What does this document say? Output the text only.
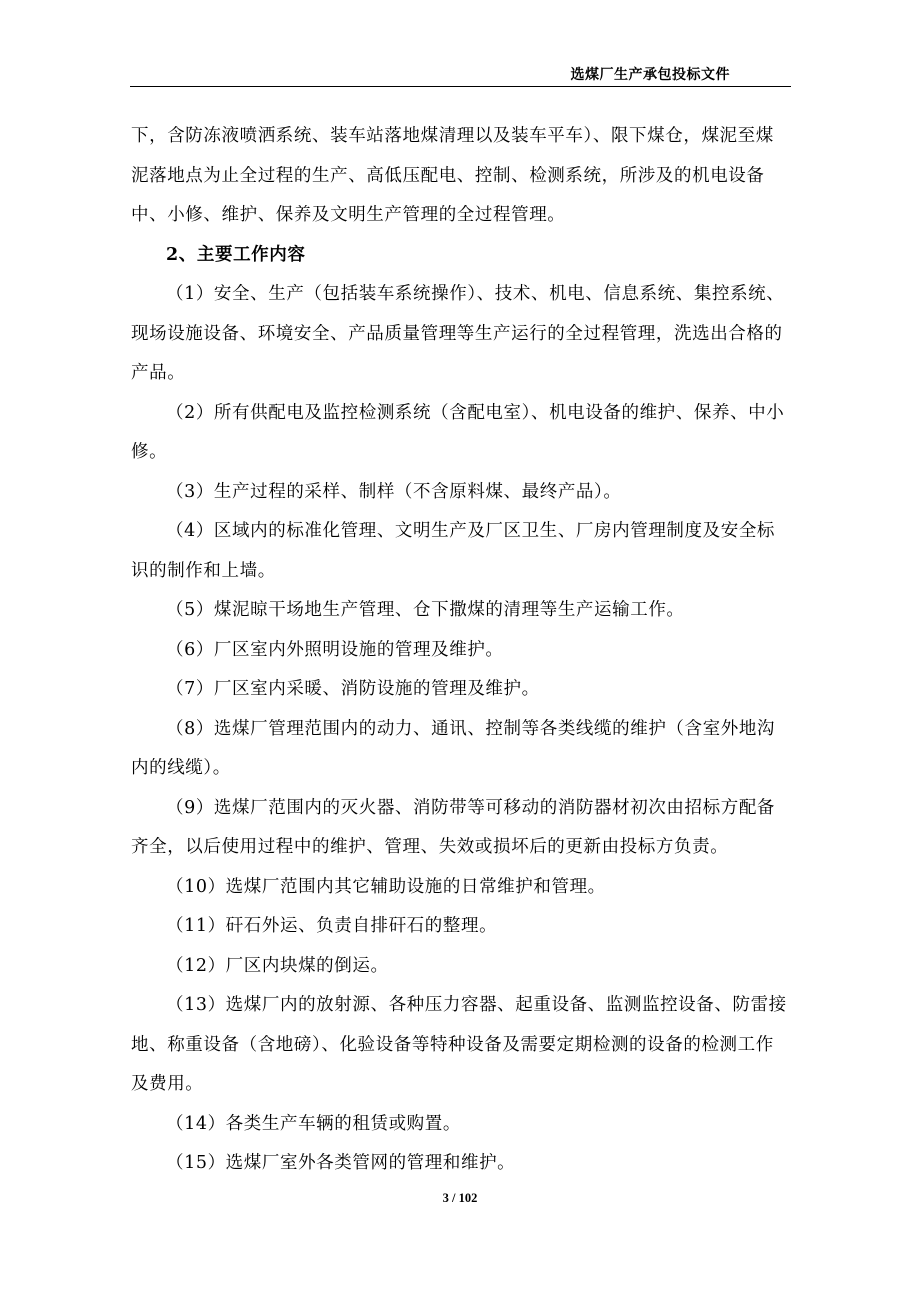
选煤厂生产承包投标文件

下，含防冻液喷洒系统、装车站落地煤清理以及装车平车）、限下煤仓，煤泥至煤泥落地点为止全过程的生产、高低压配电、控制、检测系统，所涉及的机电设备中、小修、维护、保养及文明生产管理的全过程管理。

2、主要工作内容

（1）安全、生产（包括装车系统操作）、技术、机电、信息系统、集控系统、现场设施设备、环境安全、产品质量管理等生产运行的全过程管理，洗选出合格的产品。

（2）所有供配电及监控检测系统（含配电室）、机电设备的维护、保养、中小修。

（3）生产过程的采样、制样（不含原料煤、最终产品）。

（4）区域内的标准化管理、文明生产及厂区卫生、厂房内管理制度及安全标识的制作和上墙。

（5）煤泥晾干场地生产管理、仓下撒煤的清理等生产运输工作。

（6）厂区室内外照明设施的管理及维护。

（7）厂区室内采暖、消防设施的管理及维护。

（8）选煤厂管理范围内的动力、通讯、控制等各类线缆的维护（含室外地沟内的线缆）。

（9）选煤厂范围内的灭火器、消防带等可移动的消防器材初次由招标方配备齐全，以后使用过程中的维护、管理、失效或损坏后的更新由投标方负责。

（10）选煤厂范围内其它辅助设施的日常维护和管理。

（11）矸石外运、负责自排矸石的整理。

（12）厂区内块煤的倒运。

（13）选煤厂内的放射源、各种压力容器、起重设备、监测监控设备、防雷接地、称重设备（含地磅）、化验设备等特种设备及需要定期检测的设备的检测工作及费用。

（14）各类生产车辆的租赁或购置。

（15）选煤厂室外各类管网的管理和维护。

3 / 102
